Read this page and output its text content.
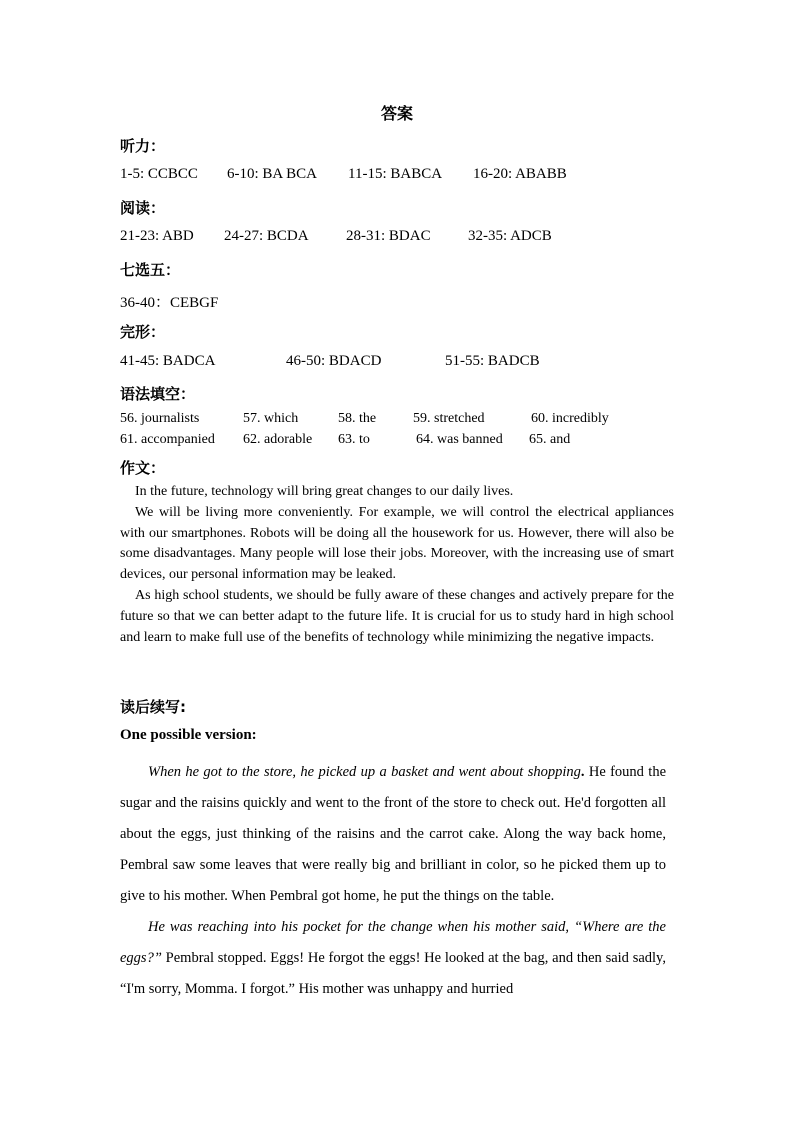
答案
听力：
1-5: CCBCC 6-10: BA BCA 11-15: BABCA 16-20: ABABB
阅读：
21-23: ABD 24-27: BCDA 28-31: BDAC 32-35: ADCB
七选五：
36-40：CEBGF
完形：
41-45: BADCA	46-50: BDACD	51-55: BADCB
语法填空：
56. journalists	57. which	58. the	59. stretched	60. incredibly
61. accompanied 62. adorable 63. to	64. was banned 65. and
作文：

In the future, technology will bring great changes to our daily lives.

We will be living more conveniently. For example, we will control the electrical appliances with our smartphones. Robots will be doing all the housework for us. However, there will also be some disadvantages. Many people will lose their jobs. Moreover, with the increasing use of smart devices, our personal information may be leaked.

As high school students, we should be fully aware of these changes and actively prepare for the future so that we can better adapt to the future life. It is crucial for us to study hard in high school and learn to make full use of the benefits of technology while minimizing the negative impacts.

读后续写:
One possible version:

When he got to the store, he picked up a basket and went about shopping. He found the sugar and the raisins quickly and went to the front of the store to check out. He'd forgotten all about the eggs, just thinking of the raisins and the carrot cake. Along the way back home, Pembral saw some leaves that were really big and brilliant in color, so he picked them up to give to his mother. When Pembral got home, he put the things on the table.

He was reaching into his pocket for the change when his mother said, “Where are the eggs?” Pembral stopped. Eggs! He forgot the eggs! He looked at the bag, and then said sadly, “I'm sorry, Momma. I forgot.” His mother was unhappy and hurried
